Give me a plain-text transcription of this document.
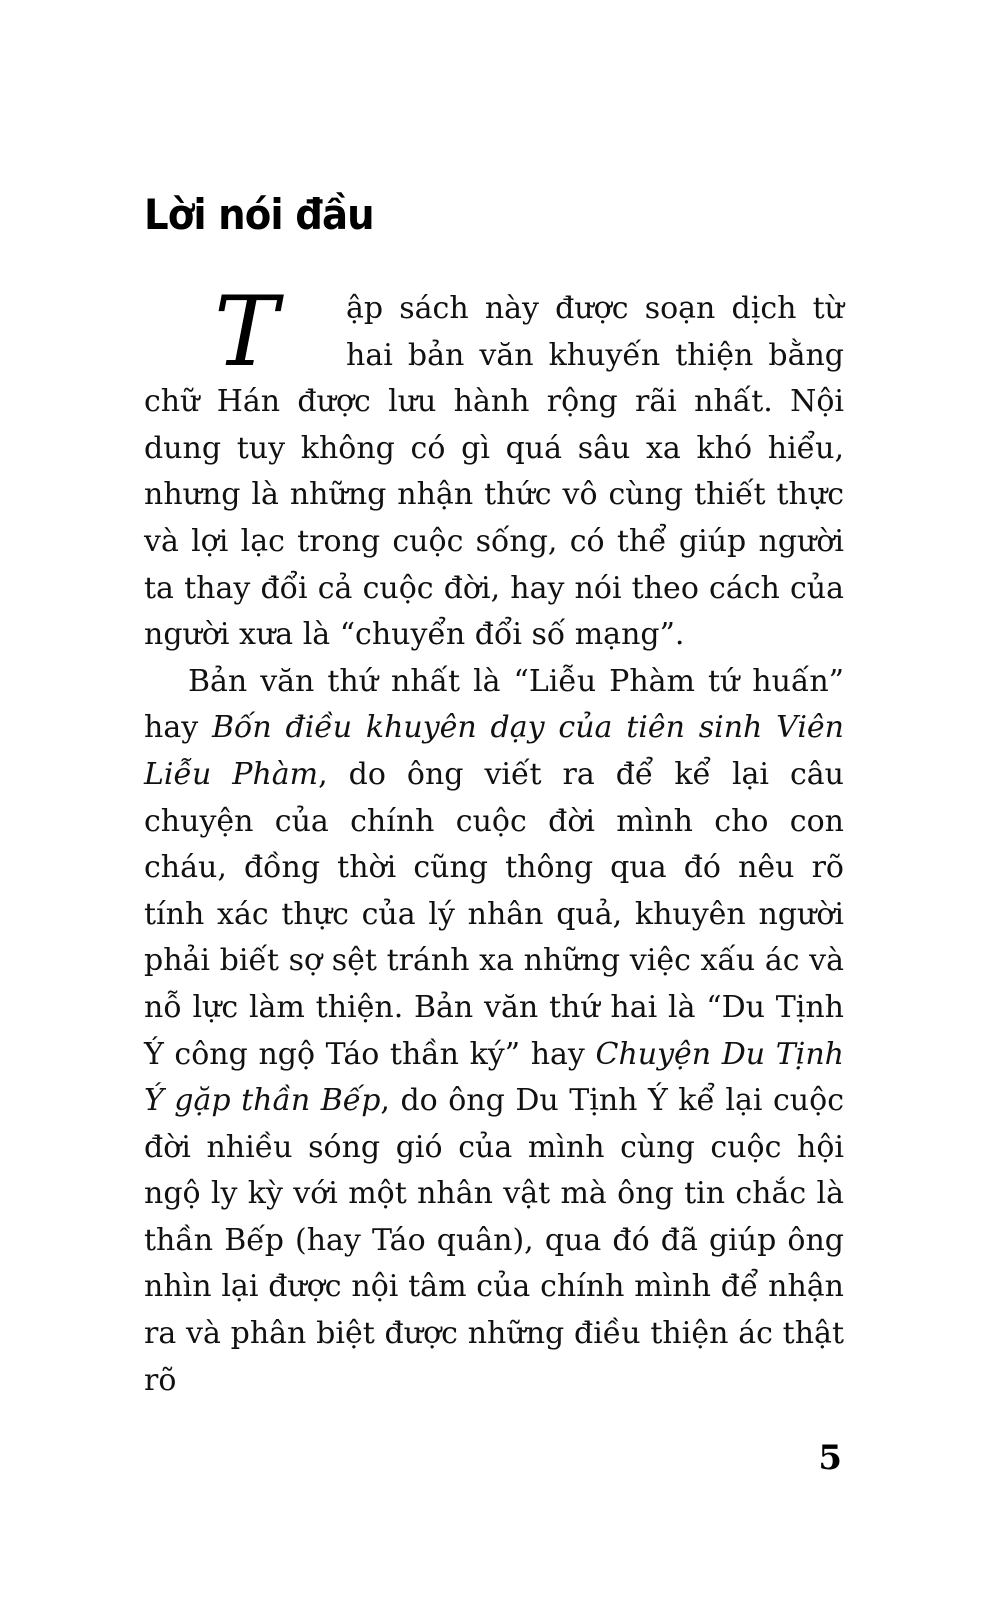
Lời nói đầu

T	ập sách này được soạn dịch từ hai bản văn khuyến thiện bằng chữ Hán được lưu hành rộng rãi nhất. Nội dung tuy không có gì quá sâu xa khó hiểu, nhưng là những nhận thức vô cùng thiết thực và lợi lạc trong cuộc sống, có thể giúp người ta thay đổi cả cuộc đời, hay nói theo cách của người xưa là “chuyển đổi số mạng”.

Bản văn thứ nhất là “Liễu Phàm tứ huấn” hay Bốn điều khuyên dạy của tiên sinh Viên Liễu Phàm, do ông viết ra để kể lại câu chuyện của chính cuộc đời mình cho con cháu, đồng thời cũng thông qua đó nêu rõ tính xác thực của lý nhân quả, khuyên người phải biết sợ sệt tránh xa những việc xấu ác và nỗ lực làm thiện. Bản văn thứ hai là “Du Tịnh Ý công ngộ Táo thần ký” hay Chuyện Du Tịnh Ý gặp thần Bếp, do ông Du Tịnh Ý kể lại cuộc đời nhiều sóng gió của mình cùng cuộc hội ngộ ly kỳ với một nhân vật mà ông tin chắc là thần Bếp (hay Táo quân), qua đó đã giúp ông nhìn lại được nội tâm của chính mình để nhận ra và phân biệt được những điều thiện ác thật rõ

5
